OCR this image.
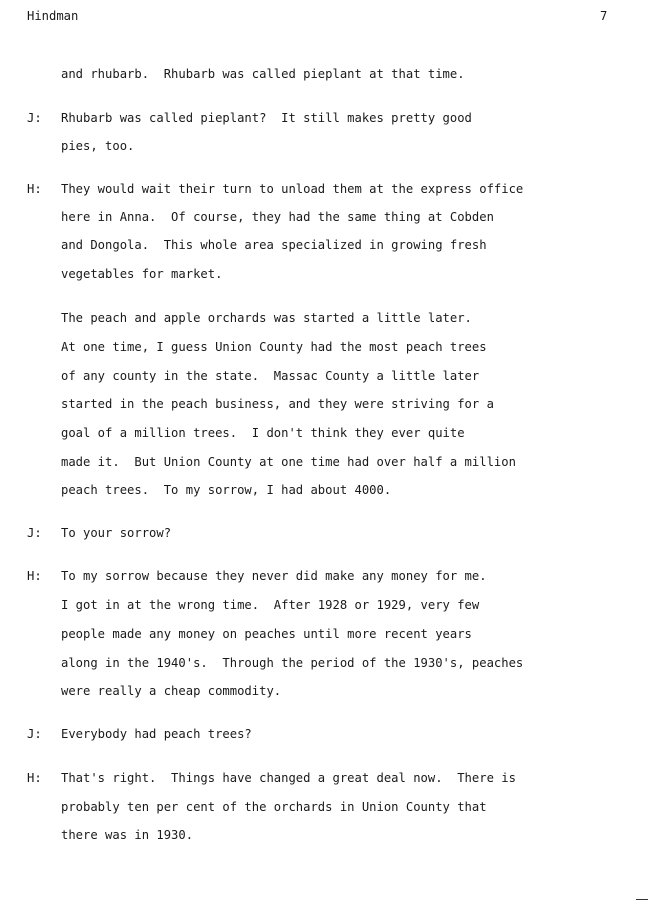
Hindman	7
and rhubarb.  Rhubarb was called pieplant at that time.
J: Rhubarb was called pieplant?  It still makes pretty good
pies, too.
H: They would wait their turn to unload them at the express office
here in Anna.  Of course, they had the same thing at Cobden
and Dongola.  This whole area specialized in growing fresh
vegetables for market.
The peach and apple orchards was started a little later.
At one time, I guess Union County had the most peach trees
of any county in the state.  Massac County a little later
started in the peach business, and they were striving for a
goal of a million trees.  I don't think they ever quite
made it.  But Union County at one time had over half a million
peach trees.  To my sorrow, I had about 4000.
J: To your sorrow?
H: To my sorrow because they never did make any money for me.
I got in at the wrong time.  After 1928 or 1929, very few
people made any money on peaches until more recent years
along in the 1940's.  Through the period of the 1930's, peaches
were really a cheap commodity.
J: Everybody had peach trees?
H: That's right.  Things have changed a great deal now.  There is
probably ten per cent of the orchards in Union County that
there was in 1930.
